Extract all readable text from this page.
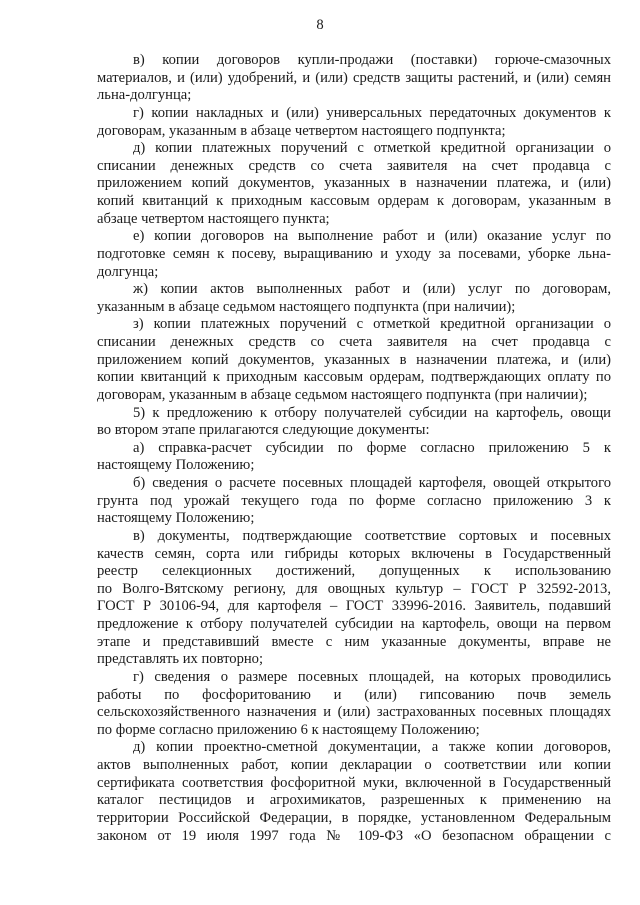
8
в) копии договоров купли-продажи (поставки) горюче-смазочных
материалов, и (или) удобрений, и (или) средств защиты растений, и (или) семян
льна-долгунца;
г) копии накладных и (или) универсальных передаточных документов к
договорам, указанным в абзаце четвертом настоящего подпункта;
д) копии платежных поручений с отметкой кредитной организации о
списании денежных средств со счета заявителя на счет продавца с
приложением копий документов, указанных в назначении платежа, и (или)
копий квитанций к приходным кассовым ордерам к договорам, указанным в
абзаце четвертом настоящего пункта;
е) копии договоров на выполнение работ и (или) оказание услуг по
подготовке семян к посеву, выращиванию и уходу за посевами, уборке льна-
долгунца;
ж) копии актов выполненных работ и (или) услуг по договорам,
указанным в абзаце седьмом настоящего подпункта (при наличии);
з) копии платежных поручений с отметкой кредитной организации о
списании денежных средств со счета заявителя на счет продавца с
приложением копий документов, указанных в назначении платежа, и (или)
копии квитанций к приходным кассовым ордерам, подтверждающих оплату по
договорам, указанным в абзаце седьмом настоящего подпункта (при наличии);
5) к предложению к отбору получателей субсидии на картофель, овощи
во втором этапе прилагаются следующие документы:
а) справка-расчет субсидии по форме согласно приложению 5 к
настоящему Положению;
б) сведения о расчете посевных площадей картофеля, овощей открытого
грунта под урожай текущего года по форме согласно приложению 3 к
настоящему Положению;
в) документы, подтверждающие соответствие сортовых и посевных
качеств семян, сорта или гибриды которых включены в Государственный
реестр селекционных достижений, допущенных к использованию
по Волго-Вятскому региону, для овощных культур – ГОСТ Р 32592-2013,
ГОСТ Р 30106-94, для картофеля – ГОСТ 33996-2016. Заявитель, подавший
предложение к отбору получателей субсидии на картофель, овощи на первом
этапе и представивший вместе с ним указанные документы, вправе не
представлять их повторно;
г) сведения о размере посевных площадей, на которых проводились
работы по фосфоритованию и (или) гипсованию почв земель
сельскохозяйственного назначения и (или) застрахованных посевных площадях
по форме согласно приложению 6 к настоящему Положению;
д) копии проектно-сметной документации, а также копии договоров,
актов выполненных работ, копии декларации о соответствии или копии
сертификата соответствия фосфоритной муки, включенной в Государственный
каталог пестицидов и агрохимикатов, разрешенных к применению на
территории Российской Федерации, в порядке, установленном Федеральным
законом от 19 июля 1997 года № 109-ФЗ «О безопасном обращении с
